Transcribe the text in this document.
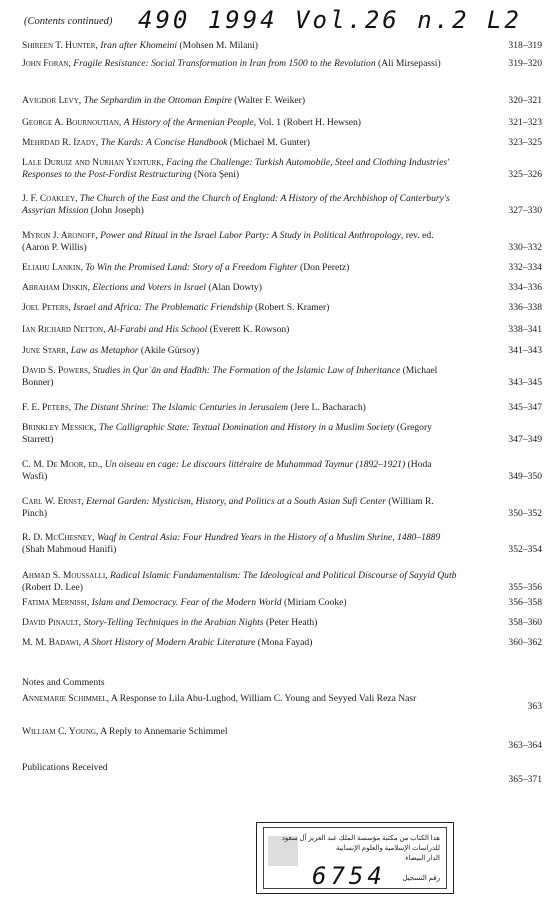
(Contents continued) 490 1994 Vol.26 n.2 L2
Shireen T. Hunter, Iran after Khomeini (Mohsen M. Milani)	318–319
John Foran, Fragile Resistance: Social Transformation in Iran from 1500 to the Revolution (Ali Mirsepassi)	319–320
Avigdor Levy, The Sephardim in the Ottoman Empire (Walter F. Weiker)	320–321
George A. Bournoutian, A History of the Armenian People, Vol. 1 (Robert H. Hewsen)	321–323
Mehrdad R. Izady, The Kurds: A Concise Handbook (Michael M. Gunter)	323–325
Lale Duruiz and Nurhan Yenturk, Facing the Challenge: Turkish Automobile, Steel and Clothing Industries' Responses to the Post-Fordist Restructuring (Nora Şeni)	325–326
J. F. Coakley, The Church of the East and the Church of England: A History of the Archbishop of Canterbury's Assyrian Mission (John Joseph)	327–330
Myron J. Aronoff, Power and Ritual in the Israel Labor Party: A Study in Political Anthropology, rev. ed. (Aaron P. Willis)	330–332
Eliahu Lankin, To Win the Promised Land: Story of a Freedom Fighter (Don Peretz)	332–334
Abraham Diskin, Elections and Voters in Israel (Alan Dowty)	334–336
Joel Peters, Israel and Africa: The Problematic Friendship (Robert S. Kramer)	336–338
Ian Richard Netton, Al-Farabi and His School (Everett K. Rowson)	338–341
June Starr, Law as Metaphor (Akile Gürsoy)	341–343
David S. Powers, Studies in Qurʾān and Ḥadīth: The Formation of the Islamic Law of Inheritance (Michael Bonner)	343–345
F. E. Peters, The Distant Shrine: The Islamic Centuries in Jerusalem (Jere L. Bacharach)	345–347
Brinkley Messick, The Calligraphic State: Textual Domination and History in a Muslim Society (Gregory Starrett)	347–349
C. M. De Moor, ed., Un oiseau en cage: Le discours littéraire de Muhammad Taymur (1892–1921) (Hoda Wasfi)	349–350
Carl W. Ernst, Eternal Garden: Mysticism, History, and Politics at a South Asian Sufi Center (William R. Pinch)	350–352
R. D. McChesney, Waqf in Central Asia: Four Hundred Years in the History of a Muslim Shrine, 1480–1889 (Shah Mahmoud Hanifi)	352–354
Ahmad S. Moussalli, Radical Islamic Fundamentalism: The Ideological and Political Discourse of Sayyid Qutb (Robert D. Lee)	355–356
Fatima Mernissi, Islam and Democracy. Fear of the Modern World (Miriam Cooke)	356–358
David Pinault, Story-Telling Techniques in the Arabian Nights (Peter Heath)	358–360
M. M. Badawi, A Short History of Modern Arabic Literature (Mona Fayad)	360–362
Notes and Comments
Annemarie Schimmel, A Response to Lila Abu-Lughod, William C. Young and Seyyed Vali Reza Nasr
363
William C. Young, A Reply to Annemarie Schimmel
363–364
Publications Received
365–371
هدا الكتاب من مكتبة مؤسسة الملك عبد العزيز آل سعود
للدراسات الإسلامية والعلوم الإنسانية
الدار البيضاء
6754 رقم التسجيل
